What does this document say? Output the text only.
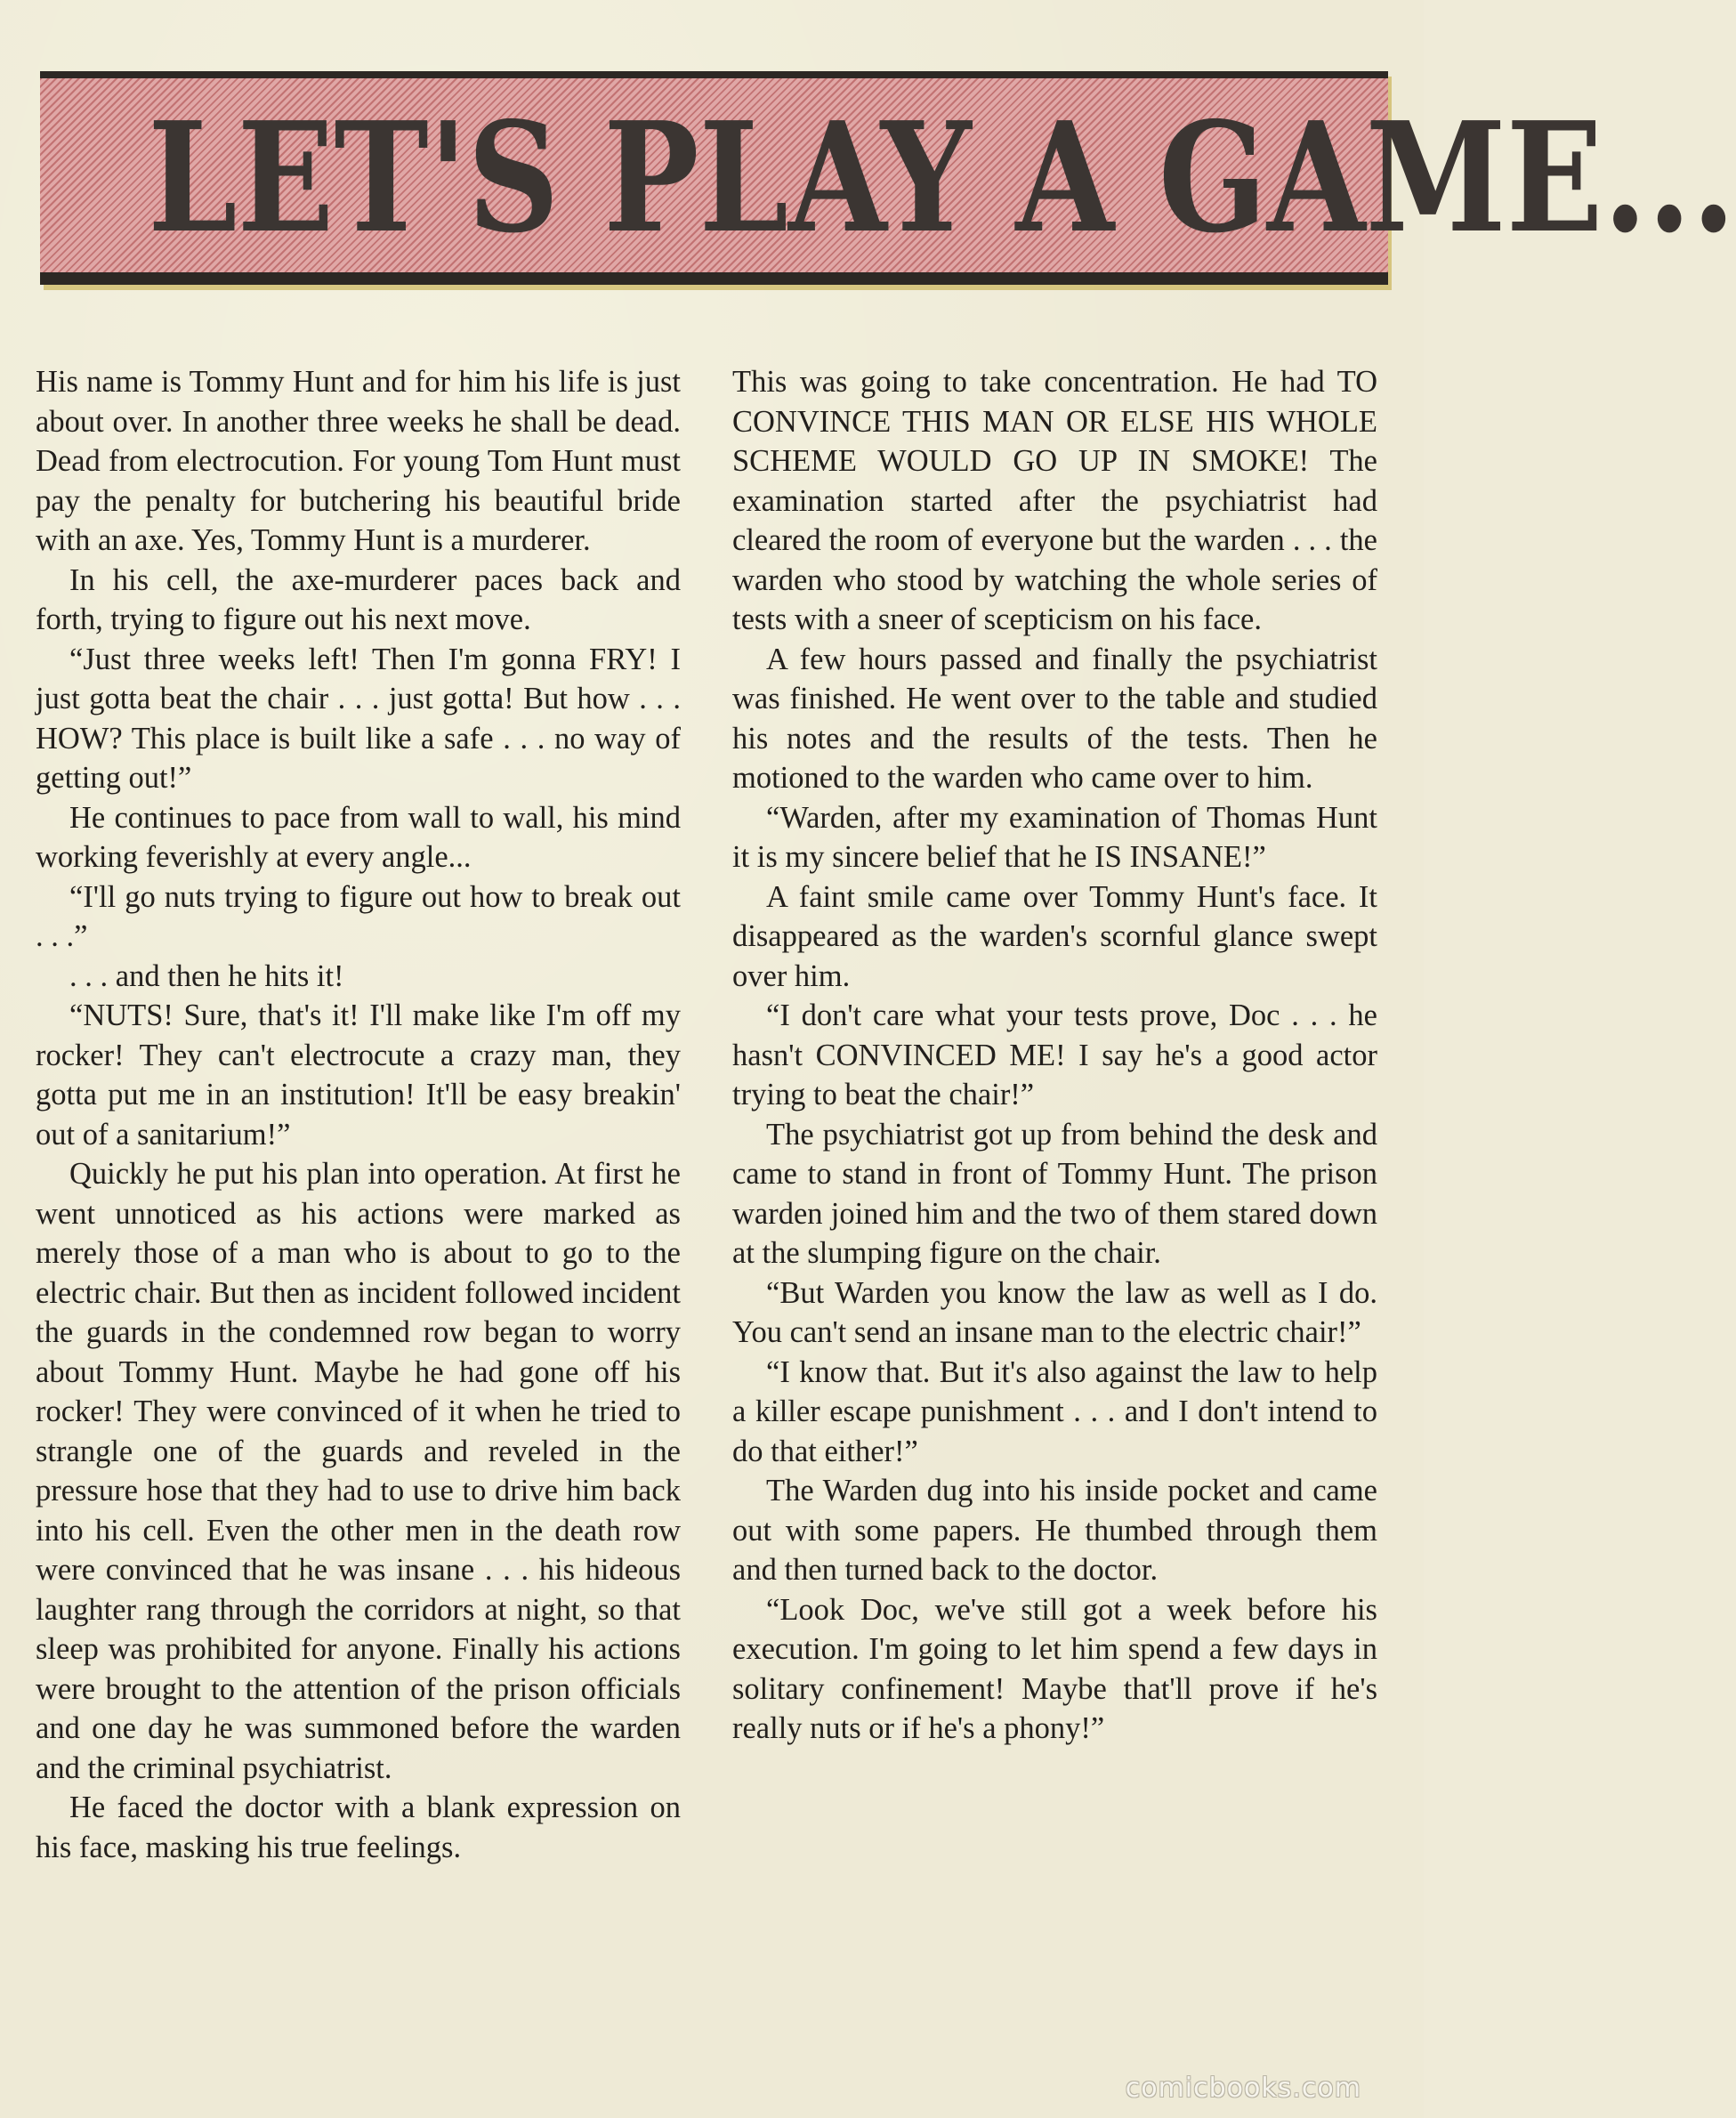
LET'S PLAY A GAME...

His name is Tommy Hunt and for him his life is just about over. In another three weeks he shall be dead. Dead from electrocution. For young Tom Hunt must pay the penalty for butchering his beautiful bride with an axe. Yes, Tommy Hunt is a murderer.

In his cell, the axe-murderer paces back and forth, trying to figure out his next move.

“Just three weeks left! Then I'm gonna FRY! I just gotta beat the chair . . . just gotta! But how . . . HOW? This place is built like a safe . . . no way of getting out!”

He continues to pace from wall to wall, his mind working feverishly at every angle...

“I'll go nuts trying to figure out how to break out . . .”

. . . and then he hits it!

“NUTS! Sure, that's it! I'll make like I'm off my rocker! They can't electrocute a crazy man, they gotta put me in an institution! It'll be easy breakin' out of a sanitarium!”

Quickly he put his plan into operation. At first he went unnoticed as his actions were marked as merely those of a man who is about to go to the electric chair. But then as incident followed incident the guards in the condemned row began to worry about Tommy Hunt. Maybe he had gone off his rocker! They were convinced of it when he tried to strangle one of the guards and reveled in the pressure hose that they had to use to drive him back into his cell. Even the other men in the death row were convinced that he was insane . . . his hideous laughter rang through the corridors at night, so that sleep was prohibited for anyone. Finally his actions were brought to the attention of the prison officials and one day he was summoned before the warden and the criminal psychiatrist.

He faced the doctor with a blank expression on his face, masking his true feelings.

This was going to take concentration. He had TO CONVINCE THIS MAN OR ELSE HIS WHOLE SCHEME WOULD GO UP IN SMOKE! The examination started after the psychiatrist had cleared the room of everyone but the warden . . . the warden who stood by watching the whole series of tests with a sneer of scepticism on his face.

A few hours passed and finally the psychiatrist was finished. He went over to the table and studied his notes and the results of the tests. Then he motioned to the warden who came over to him.

“Warden, after my examination of Thomas Hunt it is my sincere belief that he IS INSANE!”

A faint smile came over Tommy Hunt's face. It disappeared as the warden's scornful glance swept over him.

“I don't care what your tests prove, Doc . . . he hasn't CONVINCED ME! I say he's a good actor trying to beat the chair!”

The psychiatrist got up from behind the desk and came to stand in front of Tommy Hunt. The prison warden joined him and the two of them stared down at the slumping figure on the chair.

“But Warden you know the law as well as I do. You can't send an insane man to the electric chair!”

“I know that. But it's also against the law to help a killer escape punishment . . . and I don't intend to do that either!”

The Warden dug into his inside pocket and came out with some papers. He thumbed through them and then turned back to the doctor.

“Look Doc, we've still got a week before his execution. I'm going to let him spend a few days in solitary confinement! Maybe that'll prove if he's really nuts or if he's a phony!”

comicbooks.com
